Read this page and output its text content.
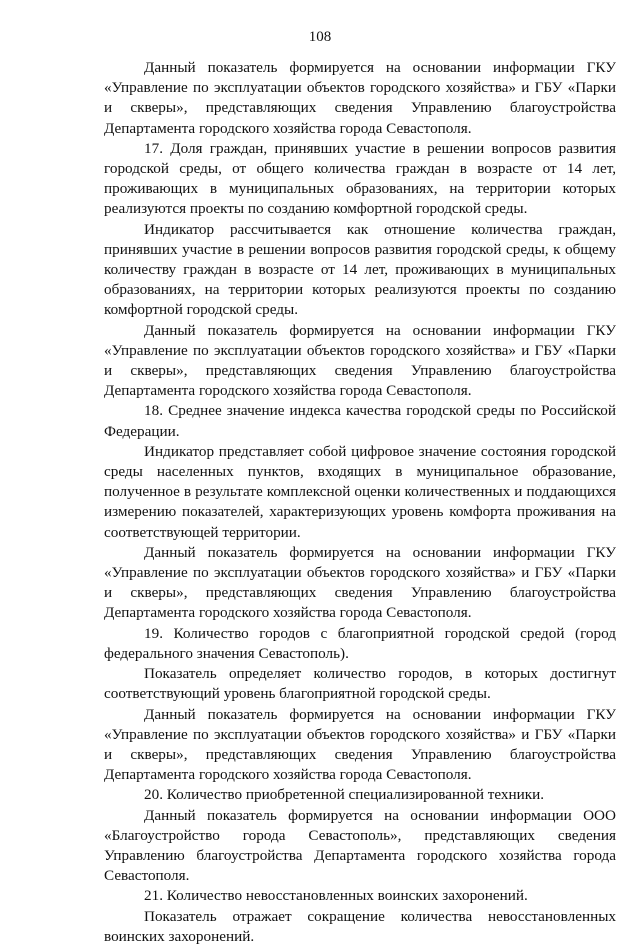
108

Данный показатель формируется на основании информации ГКУ «Управление по эксплуатации объектов городского хозяйства» и ГБУ «Парки и скверы», представляющих сведения Управлению благоустройства Департамента городского хозяйства города Севастополя.

17. Доля граждан, принявших участие в решении вопросов развития городской среды, от общего количества граждан в возрасте от 14 лет, проживающих в муниципальных образованиях, на территории которых реализуются проекты по созданию комфортной городской среды.

Индикатор рассчитывается как отношение количества граждан, принявших участие в решении вопросов развития городской среды, к общему количеству граждан в возрасте от 14 лет, проживающих в муниципальных образованиях, на территории которых реализуются проекты по созданию комфортной городской среды.

Данный показатель формируется на основании информации ГКУ «Управление по эксплуатации объектов городского хозяйства» и ГБУ «Парки и скверы», представляющих сведения Управлению благоустройства Департамента городского хозяйства города Севастополя.

18. Среднее значение индекса качества городской среды по Российской Федерации.

Индикатор представляет собой цифровое значение состояния городской среды населенных пунктов, входящих в муниципальное образование, полученное в результате комплексной оценки количественных и поддающихся измерению показателей, характеризующих уровень комфорта проживания на соответствующей территории.

Данный показатель формируется на основании информации ГКУ «Управление по эксплуатации объектов городского хозяйства» и ГБУ «Парки и скверы», представляющих сведения Управлению благоустройства Департамента городского хозяйства города Севастополя.

19. Количество городов с благоприятной городской средой (город федерального значения Севастополь).

Показатель определяет количество городов, в которых достигнут соответствующий уровень благоприятной городской среды.

Данный показатель формируется на основании информации ГКУ «Управление по эксплуатации объектов городского хозяйства» и ГБУ «Парки и скверы», представляющих сведения Управлению благоустройства Департамента городского хозяйства города Севастополя.

20. Количество приобретенной специализированной техники.

Данный показатель формируется на основании информации ООО «Благоустройство города Севастополь», представляющих сведения Управлению благоустройства Департамента городского хозяйства города Севастополя.

21. Количество невосстановленных воинских захоронений.

Показатель отражает сокращение количества невосстановленных воинских захоронений.
